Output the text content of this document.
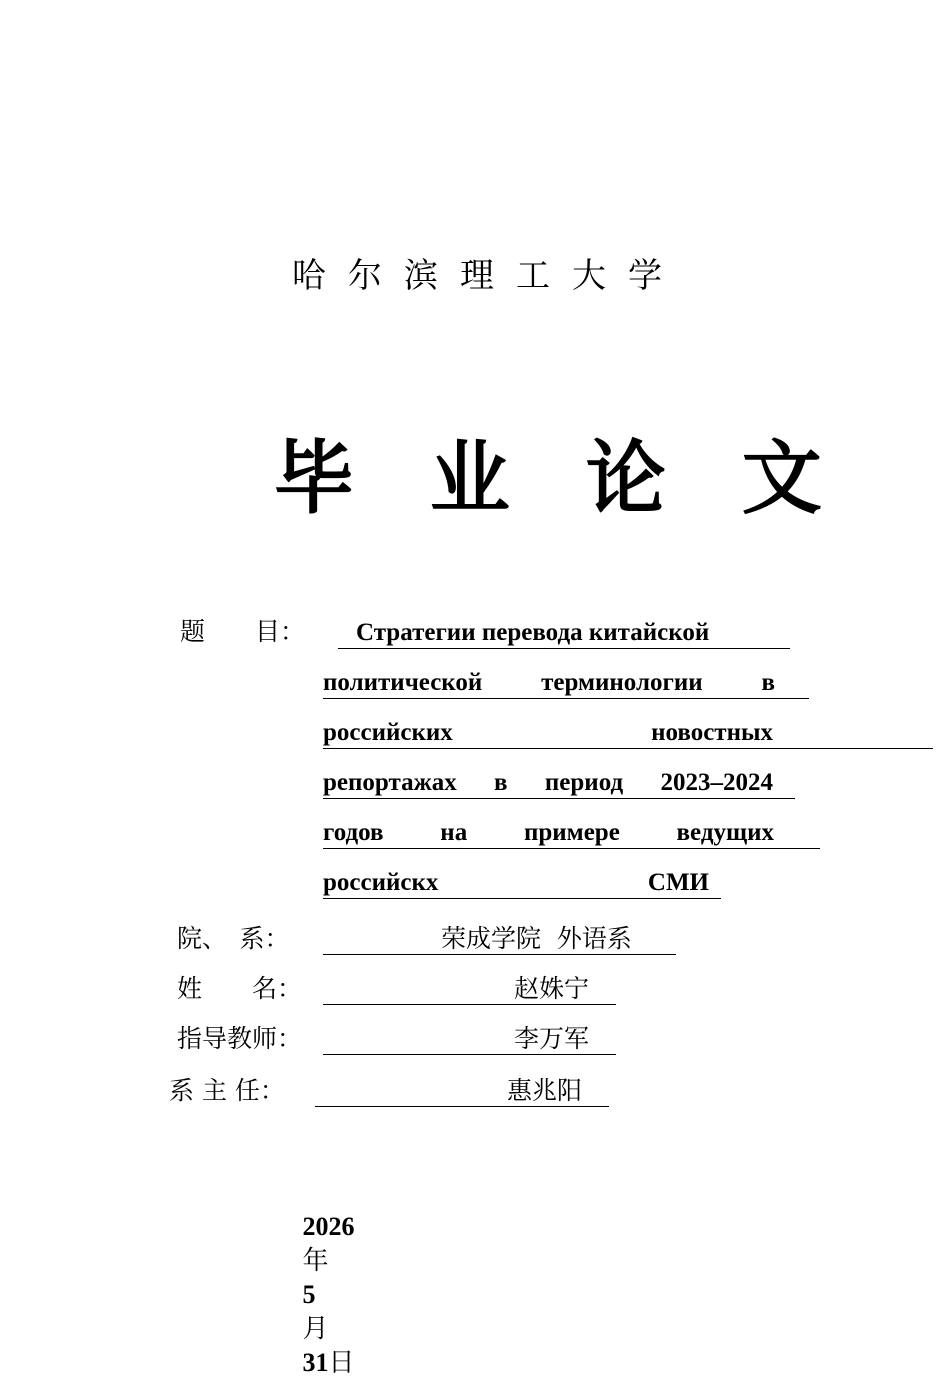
哈尔滨理工大学

毕 业 论 文

题　　目：

Стратегии перевода китайской

политической терминологии в
российских	новостных
репортажах в период 2023–2024
годов на примере ведущих
российскх	СМИ
院、　系：

	荣成学院  外语系

姓　　名：

	赵姝宁

指导教师：

	李万军

系 主 任：

	惠兆阳

2026
年
5
月
31日
